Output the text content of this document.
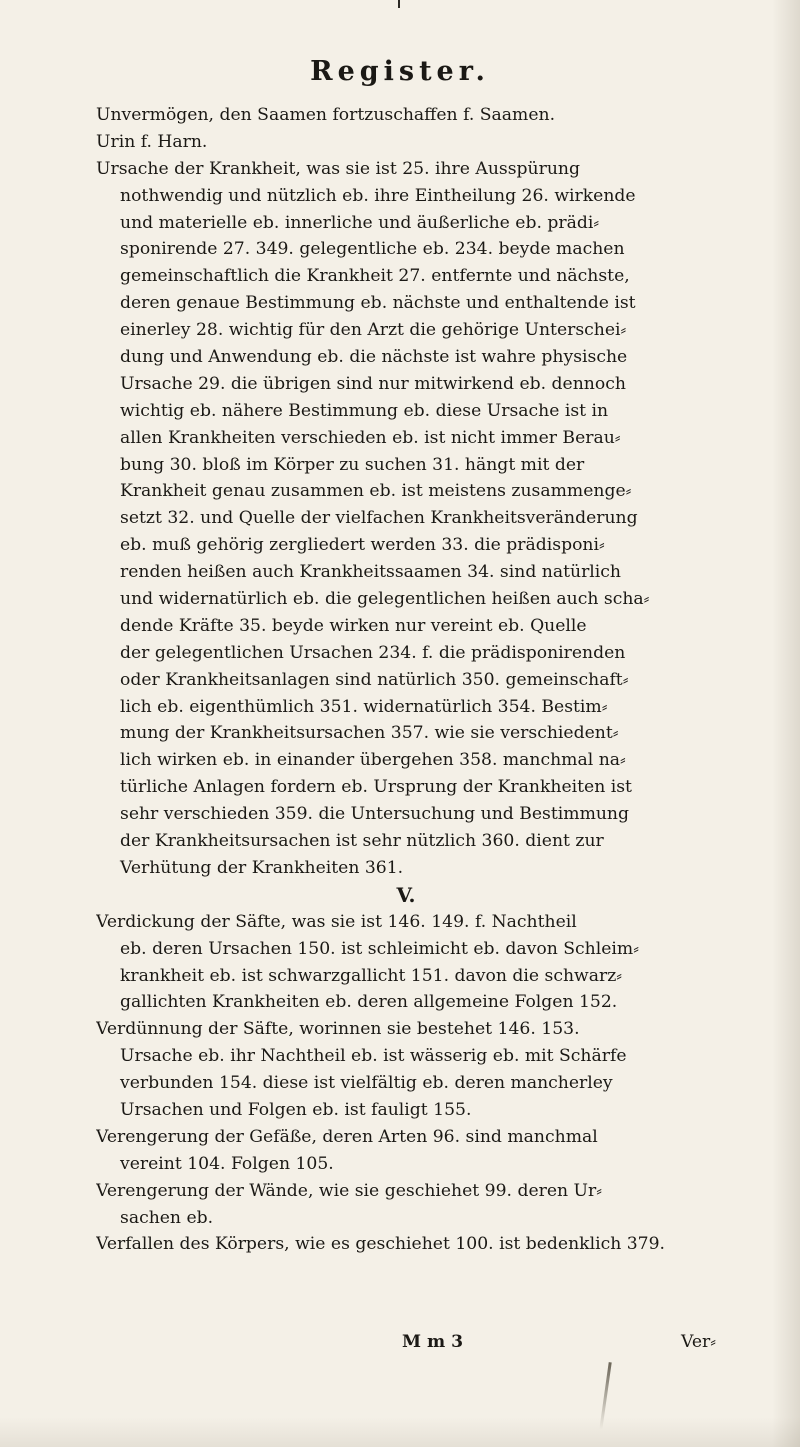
Register.
Unvermögen, den Saamen fortzuschaffen f. Saamen.
Urin f. Harn.
Ursache der Krankheit, was sie ist 25. ihre Ausspürung
nothwendig und nützlich eb. ihre Eintheilung 26. wirkende
und materielle eb. innerliche und äußerliche eb. prädi⸗
sponirende 27. 349. gelegentliche eb. 234. beyde machen
gemeinschaftlich die Krankheit 27. entfernte und nächste,
deren genaue Bestimmung eb. nächste und enthaltende ist
einerley 28. wichtig für den Arzt die gehörige Unterschei⸗
dung und Anwendung eb. die nächste ist wahre physische
Ursache 29. die übrigen sind nur mitwirkend eb. dennoch
wichtig eb. nähere Bestimmung eb. diese Ursache ist in
allen Krankheiten verschieden eb. ist nicht immer Berau⸗
bung 30. bloß im Körper zu suchen 31. hängt mit der
Krankheit genau zusammen eb. ist meistens zusammenge⸗
setzt 32. und Quelle der vielfachen Krankheitsveränderung
eb. muß gehörig zergliedert werden 33. die prädisponi⸗
renden heißen auch Krankheitssaamen 34. sind natürlich
und widernatürlich eb. die gelegentlichen heißen auch scha⸗
dende Kräfte 35. beyde wirken nur vereint eb. Quelle
der gelegentlichen Ursachen 234. f. die prädisponirenden
oder Krankheitsanlagen sind natürlich 350. gemeinschaft⸗
lich eb. eigenthümlich 351. widernatürlich 354. Bestim⸗
mung der Krankheitsursachen 357. wie sie verschiedent⸗
lich wirken eb. in einander übergehen 358. manchmal na⸗
türliche Anlagen fordern eb. Ursprung der Krankheiten ist
sehr verschieden 359. die Untersuchung und Bestimmung
der Krankheitsursachen ist sehr nützlich 360. dient zur
Verhütung der Krankheiten 361.
V.
Verdickung der Säfte, was sie ist 146. 149. f. Nachtheil
eb. deren Ursachen 150. ist schleimicht eb. davon Schleim⸗
krankheit eb. ist schwarzgallicht 151. davon die schwarz⸗
gallichten Krankheiten eb. deren allgemeine Folgen 152.
Verdünnung der Säfte, worinnen sie bestehet 146. 153.
Ursache eb. ihr Nachtheil eb. ist wässerig eb. mit Schärfe
verbunden 154. diese ist vielfältig eb. deren mancherley
Ursachen und Folgen eb. ist fauligt 155.
Verengerung der Gefäße, deren Arten 96. sind manchmal
vereint 104. Folgen 105.
Verengerung der Wände, wie sie geschiehet 99. deren Ur⸗
sachen eb.
Verfallen des Körpers, wie es geschiehet 100. ist bedenklich 379.
M m 3	Ver⸗
